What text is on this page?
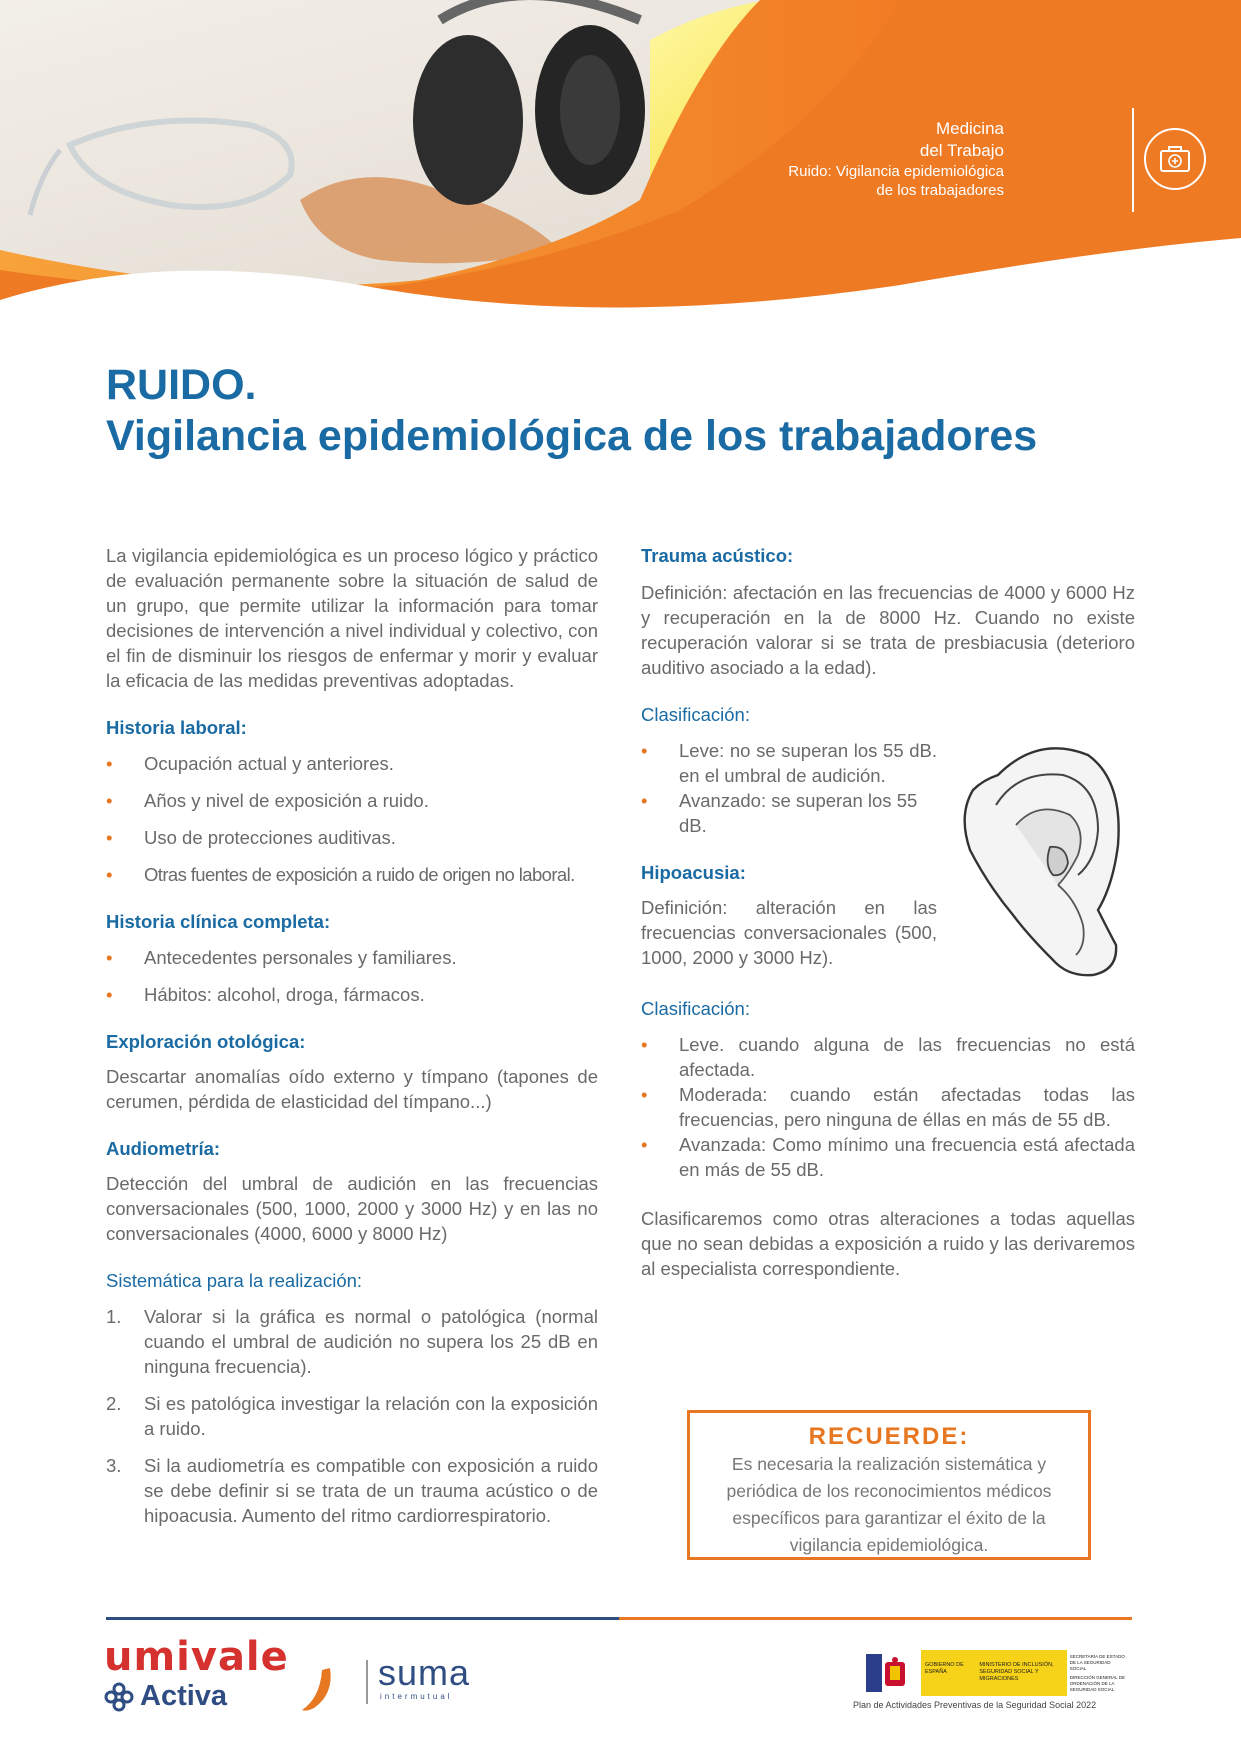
Medicina
del Trabajo
Ruido: Vigilancia epidemiológica
de los trabajadores
RUIDO.
Vigilancia epidemiológica de los trabajadores

La vigilancia epidemiológica es un proceso lógico y práctico de evaluación permanente sobre la situación de salud de un grupo, que permite utilizar la información para tomar decisiones de intervención a nivel individual y colectivo, con el fin de disminuir los riesgos de enfermar y morir y evaluar la eficacia de las medidas preventivas adoptadas.

Historia laboral:
• Ocupación actual y anteriores.
• Años y nivel de exposición a ruido.
• Uso de protecciones auditivas.
• Otras fuentes de exposición a ruido de origen no laboral.
Historia clínica completa:
• Antecedentes personales y familiares.
• Hábitos: alcohol, droga, fármacos.
Exploración otológica:

Descartar anomalías oído externo y tímpano (tapones de cerumen, pérdida de elasticidad del tímpano...)

Audiometría:

Detección del umbral de audición en las frecuencias conversacionales (500, 1000, 2000 y 3000 Hz) y en las no conversacionales (4000, 6000 y 8000 Hz)

Sistemática para la realización:
1. Valorar si la gráfica es normal o patológica (normal cuando el umbral de audición no supera los 25 dB en ninguna frecuencia).
2. Si es patológica investigar la relación con la exposición a ruido.
3. Si la audiometría es compatible con exposición a ruido se debe definir si se trata de un trauma acústico o de hipoacusia. Aumento del ritmo cardiorrespiratorio.
Trauma acústico:

Definición: afectación en las frecuencias de 4000 y 6000 Hz y recuperación en la de 8000 Hz. Cuando no existe recuperación valorar si se trata de presbiacusia (deterioro auditivo asociado a la edad).

Clasificación:
• Leve: no se superan los 55 dB. en el umbral de audición.
• Avanzado: se superan los 55 dB.
Hipoacusia:

Definición: alteración en las frecuencias conversacionales (500, 1000, 2000 y 3000 Hz).

Clasificación:
• Leve. cuando alguna de las frecuencias no está afectada.
• Moderada: cuando están afectadas todas las frecuencias, pero ninguna de éllas en más de 55 dB.
• Avanzada: Como mínimo una frecuencia está afectada en más de 55 dB.

Clasificaremos como otras alteraciones a todas aquellas que no sean debidas a exposición a ruido y las derivaremos al especialista correspondiente.

RECUERDE:
Es necesaria la realización sistemática y periódica de los reconocimientos médicos específicos para garantizar el éxito de la vigilancia epidemiológica.
umivale
Activa
suma
intermutual
GOBIERNO DE ESPAÑA
MINISTERIO DE INCLUSIÓN, SEGURIDAD SOCIAL Y MIGRACIONES
SECRETARÍA DE ESTADO DE LA SEGURIDAD SOCIAL
DIRECCIÓN GENERAL DE ORDENACIÓN DE LA SEGURIDAD SOCIAL
Plan de Actividades Preventivas de la Seguridad Social 2022
